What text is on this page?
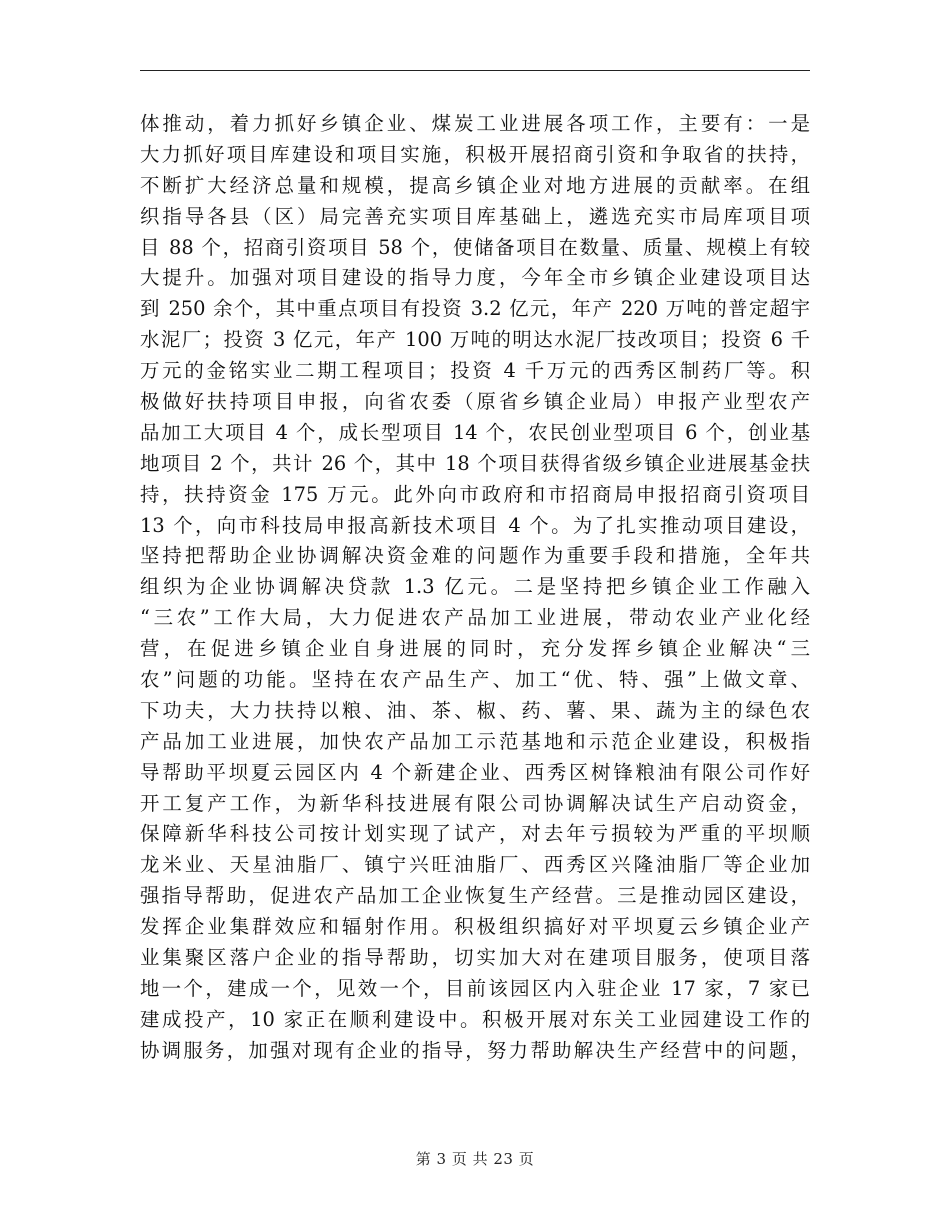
体推动，着力抓好乡镇企业、煤炭工业进展各项工作，主要有：一是
大力抓好项目库建设和项目实施，积极开展招商引资和争取省的扶持，
不断扩大经济总量和规模，提高乡镇企业对地方进展的贡献率。在组
织指导各县（区）局完善充实项目库基础上，遴选充实市局库项目项
目 88 个，招商引资项目 58 个，使储备项目在数量、质量、规模上有较
大提升。加强对项目建设的指导力度，今年全市乡镇企业建设项目达
到 250 余个，其中重点项目有投资 3.2 亿元，年产 220 万吨的普定超宇
水泥厂；投资 3 亿元，年产 100 万吨的明达水泥厂技改项目；投资 6 千
万元的金铭实业二期工程项目；投资 4 千万元的西秀区制药厂等。积
极做好扶持项目申报，向省农委（原省乡镇企业局）申报产业型农产
品加工大项目 4 个，成长型项目 14 个，农民创业型项目 6 个，创业基
地项目 2 个，共计 26 个，其中 18 个项目获得省级乡镇企业进展基金扶
持，扶持资金 175 万元。此外向市政府和市招商局申报招商引资项目
13 个，向市科技局申报高新技术项目 4 个。为了扎实推动项目建设，
坚持把帮助企业协调解决资金难的问题作为重要手段和措施，全年共
组织为企业协调解决贷款 1.3 亿元。二是坚持把乡镇企业工作融入
“三农”工作大局，大力促进农产品加工业进展，带动农业产业化经
营，在促进乡镇企业自身进展的同时，充分发挥乡镇企业解决“三
农”问题的功能。坚持在农产品生产、加工“优、特、强”上做文章、
下功夫，大力扶持以粮、油、茶、椒、药、薯、果、蔬为主的绿色农
产品加工业进展，加快农产品加工示范基地和示范企业建设，积极指
导帮助平坝夏云园区内 4 个新建企业、西秀区树锋粮油有限公司作好
开工复产工作，为新华科技进展有限公司协调解决试生产启动资金，
保障新华科技公司按计划实现了试产，对去年亏损较为严重的平坝顺
龙米业、天星油脂厂、镇宁兴旺油脂厂、西秀区兴隆油脂厂等企业加
强指导帮助，促进农产品加工企业恢复生产经营。三是推动园区建设，
发挥企业集群效应和辐射作用。积极组织搞好对平坝夏云乡镇企业产
业集聚区落户企业的指导帮助，切实加大对在建项目服务，使项目落
地一个，建成一个，见效一个，目前该园区内入驻企业 17 家，7 家已
建成投产，10 家正在顺利建设中。积极开展对东关工业园建设工作的
协调服务，加强对现有企业的指导，努力帮助解决生产经营中的问题，
第 3 页 共 23 页
